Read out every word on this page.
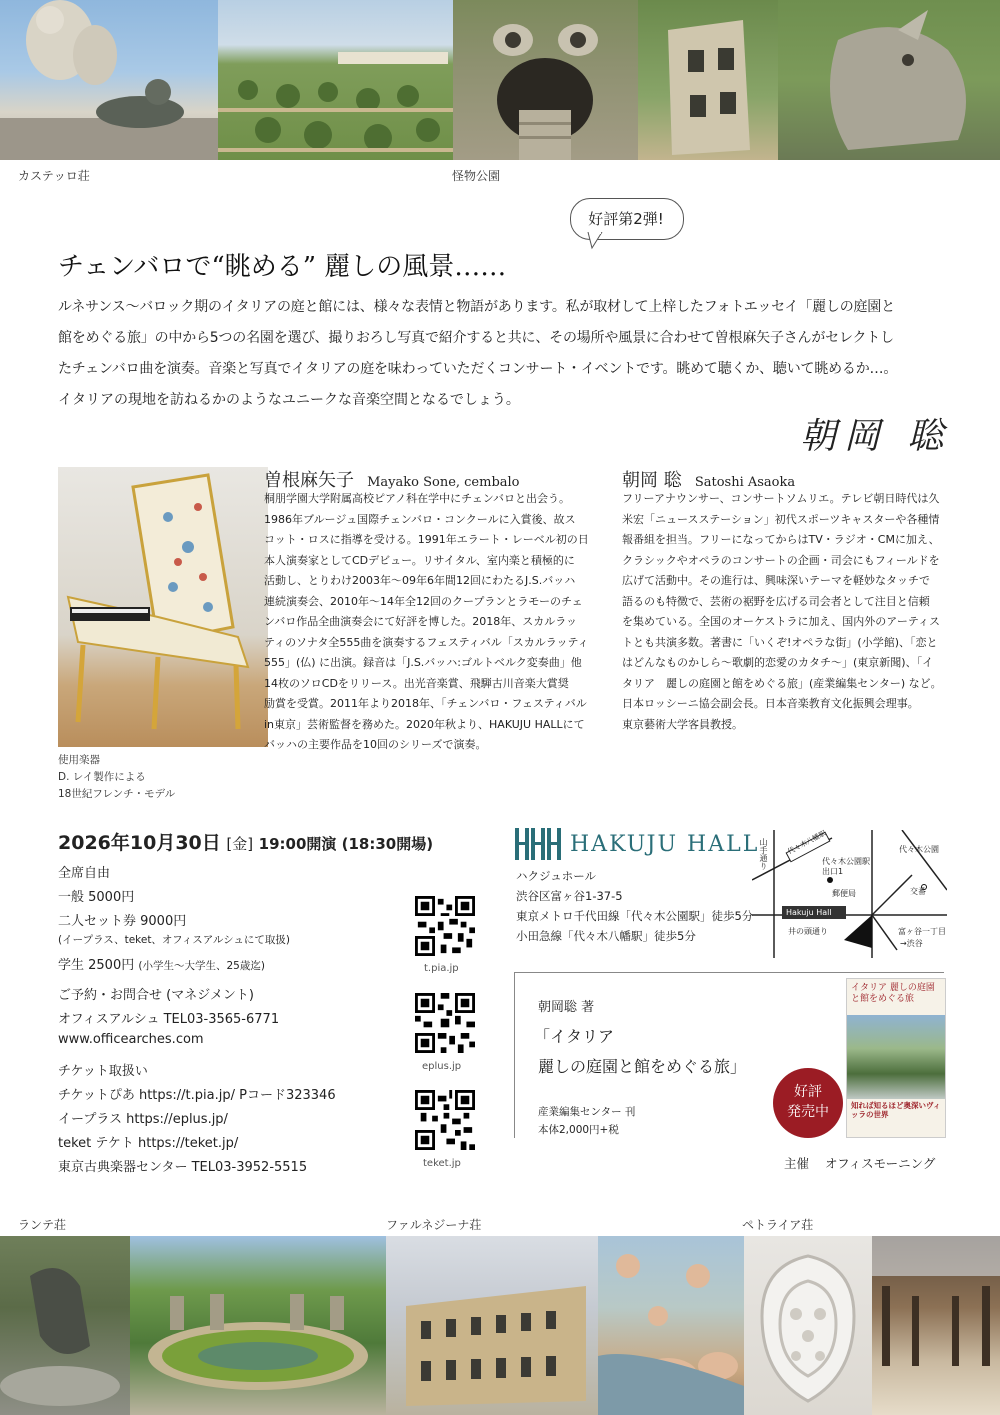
カステッロ荘	怪物公園
好評第2弾!
チェンバロで“眺める” 麗しの風景……

ルネサンス〜バロック期のイタリアの庭と館には、様々な表情と物語があります。私が取材して上梓したフォトエッセイ「麗しの庭園と

館をめぐる旅」の中から5つの名園を選び、撮りおろし写真で紹介すると共に、その場所や風景に合わせて曽根麻矢子さんがセレクトし

たチェンバロ曲を演奏。音楽と写真でイタリアの庭を味わっていただくコンサート・イベントです。眺めて聴くか、聴いて眺めるか…。

イタリアの現地を訪ねるかのようなユニークな音楽空間となるでしょう。

朝岡 聡
使用楽器
D. レイ製作による
18世紀フレンチ・モデル
曽根麻矢子 Mayako Sone, cembalo
桐朋学園大学附属高校ピアノ科在学中にチェンバロと出会う。
1986年ブルージュ国際チェンバロ・コンクールに入賞後、故ス
コット・ロスに指導を受ける。1991年エラート・レーベル初の日
本人演奏家としてCDデビュー。リサイタル、室内楽と積極的に
活動し、とりわけ2003年〜09年6年間12回にわたるJ.S.バッハ
連続演奏会、2010年〜14年全12回のクープランとラモーのチェ
ンバロ作品全曲演奏会にて好評を博した。2018年、スカルラッ
ティのソナタ全555曲を演奏するフェスティバル「スカルラッティ
555」(仏) に出演。録音は「J.S.バッハ:ゴルトベルク変奏曲」他
14枚のソロCDをリリース。出光音楽賞、飛騨古川音楽大賞奨
励賞を受賞。2011年より2018年、「チェンバロ・フェスティバル
in東京」芸術監督を務めた。2020年秋より、HAKUJU HALLにて
バッハの主要作品を10回のシリーズで演奏。
朝岡 聡 Satoshi Asaoka
フリーアナウンサー、コンサートソムリエ。テレビ朝日時代は久
米宏「ニュースステーション」初代スポーツキャスターや各種情
報番組を担当。フリーになってからはTV・ラジオ・CMに加え、
クラシックやオペラのコンサートの企画・司会にもフィールドを
広げて活動中。その進行は、興味深いテーマを軽妙なタッチで
語るのも特徴で、芸術の裾野を広げる司会者として注目と信頼
を集めている。全国のオーケストラに加え、国内外のアーティス
トとも共演多数。著書に「いくぞ!オペラな街」(小学館)、「恋と
はどんなものかしら〜歌劇的恋愛のカタチ〜」(東京新聞)、「イ
タリア　麗しの庭園と館をめぐる旅」(産業編集センター) など。
日本ロッシーニ協会副会長。日本音楽教育文化振興会理事。
東京藝術大学客員教授。
2026年10月30日 [金] 19:00開演 (18:30開場)
全席自由
一般 5000円
二人セット券 9000円
(イープラス、teket、オフィスアルシュにて取扱)
学生 2500円 (小学生〜大学生、25歳迄)
ご予約・お問合せ (マネジメント)
オフィスアルシュ TEL03-3565-6771
www.officearches.com
チケット取扱い
チケットぴあ https://t.pia.jp/ Pコード323346
イープラス https://eplus.jp/
teket テケト https://teket.jp/
東京古典楽器センター TEL03-3952-5515
t.pia.jp
eplus.jp
teket.jp
HAKUJU HALL
ハクジュホール
渋谷区富ヶ谷1-37-5
東京メトロ千代田線「代々木公園駅」徒歩5分
小田急線「代々木八幡駅」徒歩5分
山手通り	代々木八幡駅
代々木公園駅
出口1
代々木公園
郵便局	交番
Hakuju Hall
井の頭通り	富ヶ谷一丁目
→渋谷
朝岡聡 著
「イタリア
麗しの庭園と館をめぐる旅」
産業編集センター 刊
本体2,000円+税
好評
発売中
イタリア 麗しの庭園と館をめぐる旅
知れば知るほど奥深いヴィッラの世界
主催 オフィスモーニング
ランテ荘	ファルネジーナ荘	ペトライア荘
